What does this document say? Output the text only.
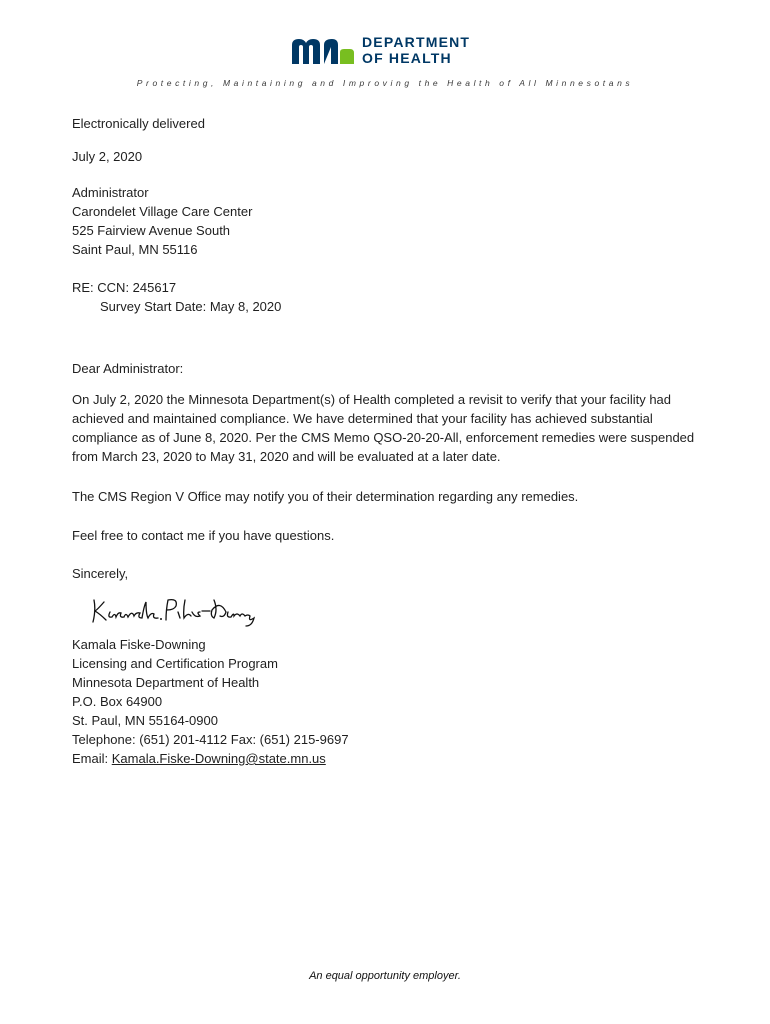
DEPARTMENT
OF HEALTH
Protecting, Maintaining and Improving the Health of All Minnesotans
Electronically delivered
July 2, 2020
Administrator
Carondelet Village Care Center
525 Fairview Avenue South
Saint Paul, MN 55116
RE: CCN: 245617
Survey Start Date: May 8, 2020
Dear Administrator:
On July 2, 2020 the Minnesota Department(s) of Health completed a revisit to verify that your facility had achieved and maintained compliance. We have determined that your facility has achieved substantial compliance as of June 8, 2020. Per the CMS Memo QSO-20-20-All, enforcement remedies were suspended from March 23, 2020 to May 31, 2020 and will be evaluated at a later date.
The CMS Region V Office may notify you of their determination regarding any remedies.
Feel free to contact me if you have questions.
Sincerely,
Kamala Fiske-Downing
Licensing and Certification Program
Minnesota Department of Health
P.O. Box 64900
St. Paul, MN 55164-0900
Telephone: (651) 201-4112 Fax: (651) 215-9697
Email: Kamala.Fiske-Downing@state.mn.us
An equal opportunity employer.
